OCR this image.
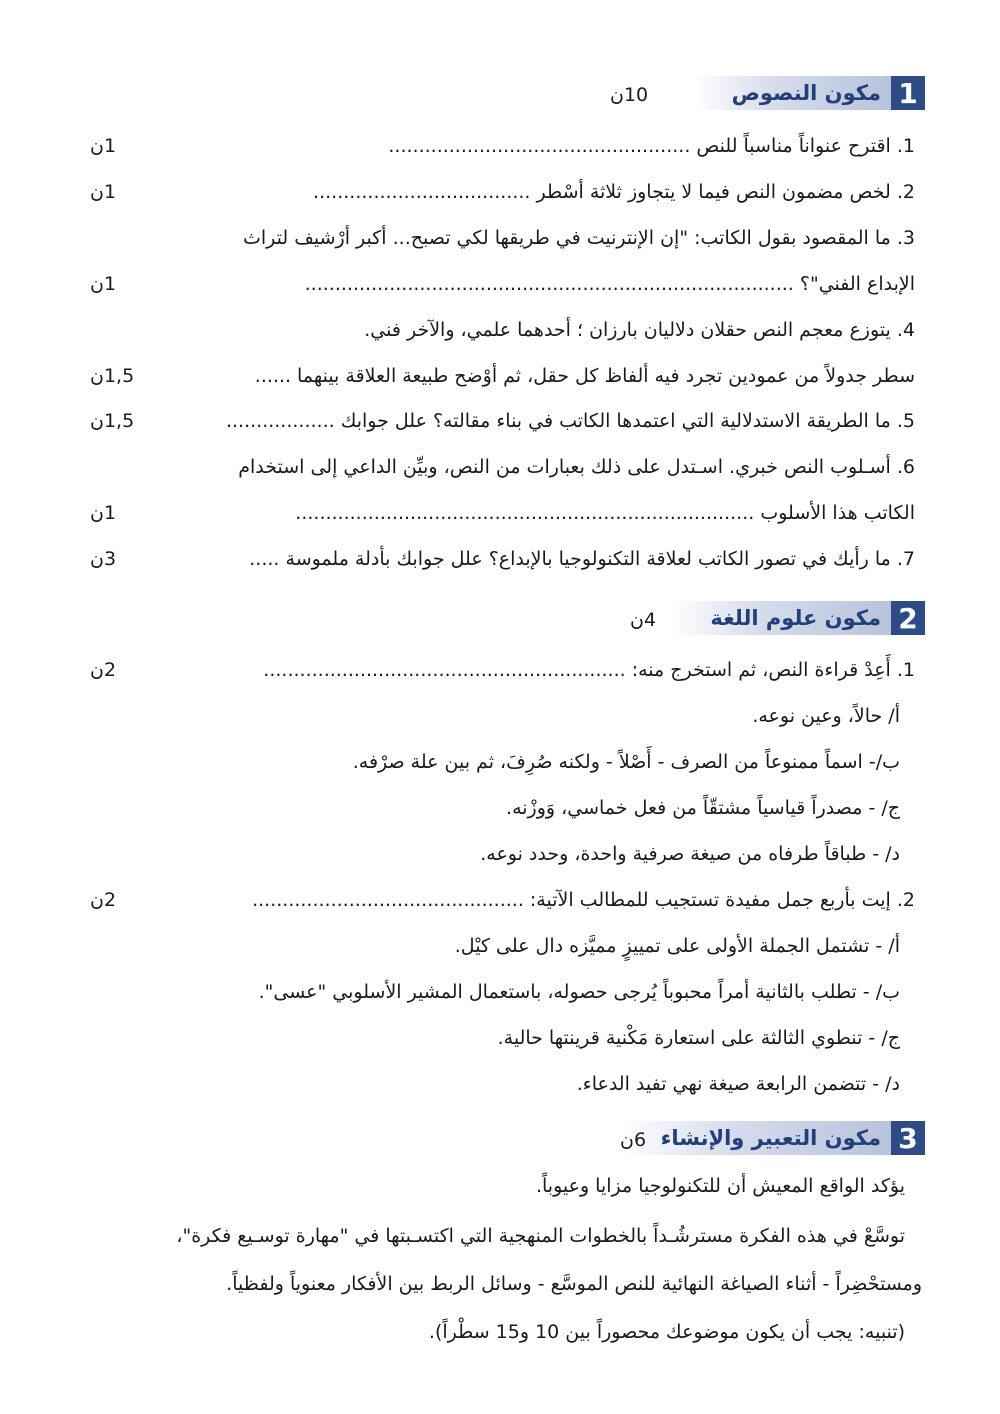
1
مكون النصوص
10ن
1. اقترح عنواناً مناسباً للنص ..................................................
1ن
2. لخص مضمون النص فيما لا يتجاوز ثلاثة أسْطر ....................................
1ن
3. ما المقصود بقول الكاتب: "إن الإنترنيت في طريقها لكي تصبح... أكبر أرْشيف لتراث
الإبداع الفني"؟ .................................................................................
1ن
4. يتوزع معجم النص حقلان دلاليان بارزان ؛ أحدهما علمي، والآخر فني.
سطر جدولاً من عمودين تجرد فيه ألفاظ كل حقل، ثم أوْضح طبيعة العلاقة بينهما ......
1,5ن
5. ما الطريقة الاستدلالية التي اعتمدها الكاتب في بناء مقالته؟ علل جوابك ..................
1,5ن
6. أسـلوب النص خبري. اسـتدل على ذلك بعبارات من النص، وبيِّن الداعي إلى استخدام
الكاتب هذا الأسلوب ............................................................................
1ن
7. ما رأيك في تصور الكاتب لعلاقة التكنولوجيا بالإبداع؟ علل جوابك بأدلة ملموسة .....
3ن
2
مكون علوم اللغة
4ن
1. أَعِدْ قراءة النص، ثم استخرج منه: ............................................................
2ن
أ/ حالاً، وعين نوعه.
ب/- اسماً ممنوعاً من الصرف - أَصْلاً - ولكنه صُرِفَ، ثم بين علة صرْفه.
ج/ - مصدراً قياسياً مشتقّاً من فعل خماسي، وَوزْنه.
د/ - طباقاً طرفاه من صيغة صرفية واحدة، وحدد نوعه.
2. إيت بأربع جمل مفيدة تستجيب للمطالب الآتية: .............................................
2ن
أ/ - تشتمل الجملة الأولى على تمييزٍ مميَّزه دال على كيْل.
ب/ - تطلب بالثانية أمراً محبوباً يُرجى حصوله، باستعمال المشير الأسلوبي "عسى".
ج/ - تنطوي الثالثة على استعارة مَكْنية قرينتها حالية.
د/ - تتضمن الرابعة صيغة نهي تفيد الدعاء.
3
مكون التعبير والإنشاء
6ن
يؤكد الواقع المعيش أن للتكنولوجيا مزايا وعيوباً.
توسَّعْ في هذه الفكرة مسترشُـداً بالخطوات المنهجية التي اكتسـبتها في "مهارة توسـيع فكرة"،
ومستحْضِراً - أثناء الصياغة النهائية للنص الموسَّع - وسائل الربط بين الأفكار معنوياً ولفظياً.
(تنبيه: يجب أن يكون موضوعك محصوراً بين 10 و15 سطْراً).
